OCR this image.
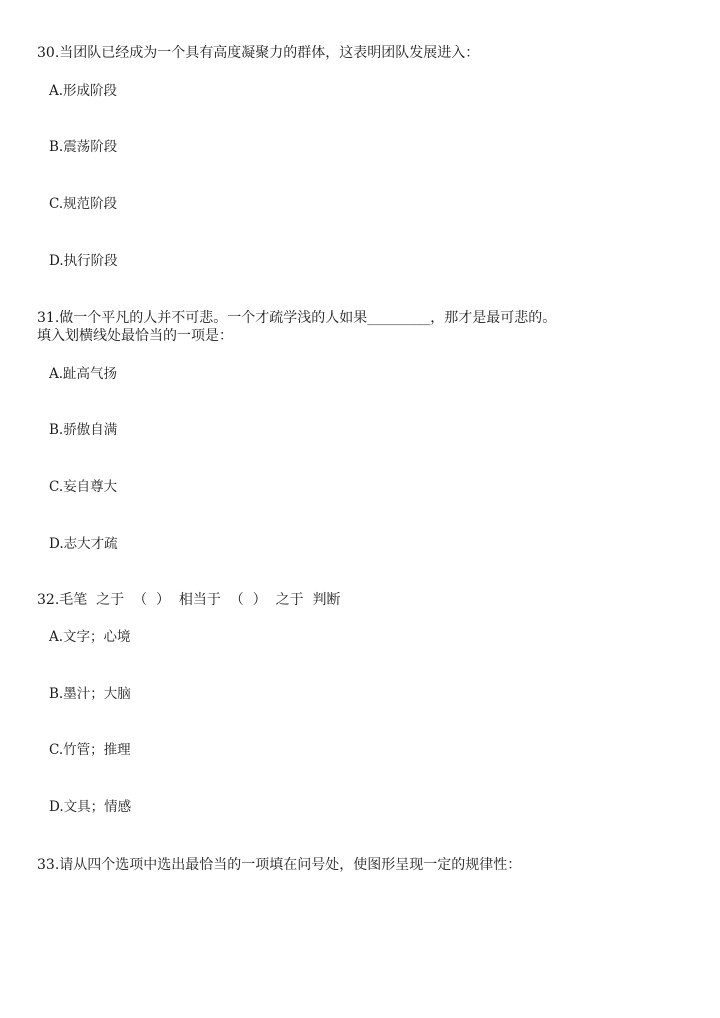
30.当团队已经成为一个具有高度凝聚力的群体，这表明团队发展进入：
A.形成阶段
B.震荡阶段
C.规范阶段
D.执行阶段
31.做一个平凡的人并不可悲。一个才疏学浅的人如果_________，那才是最可悲的。
填入划横线处最恰当的一项是：
A.趾高气扬
B.骄傲自满
C.妄自尊大
D.志大才疏
32.毛笔  之于  （  ）  相当于  （  ）  之于  判断
A.文字；心境
B.墨汁；大脑
C.竹管；推理
D.文具；情感
33.请从四个选项中选出最恰当的一项填在问号处，使图形呈现一定的规律性：
